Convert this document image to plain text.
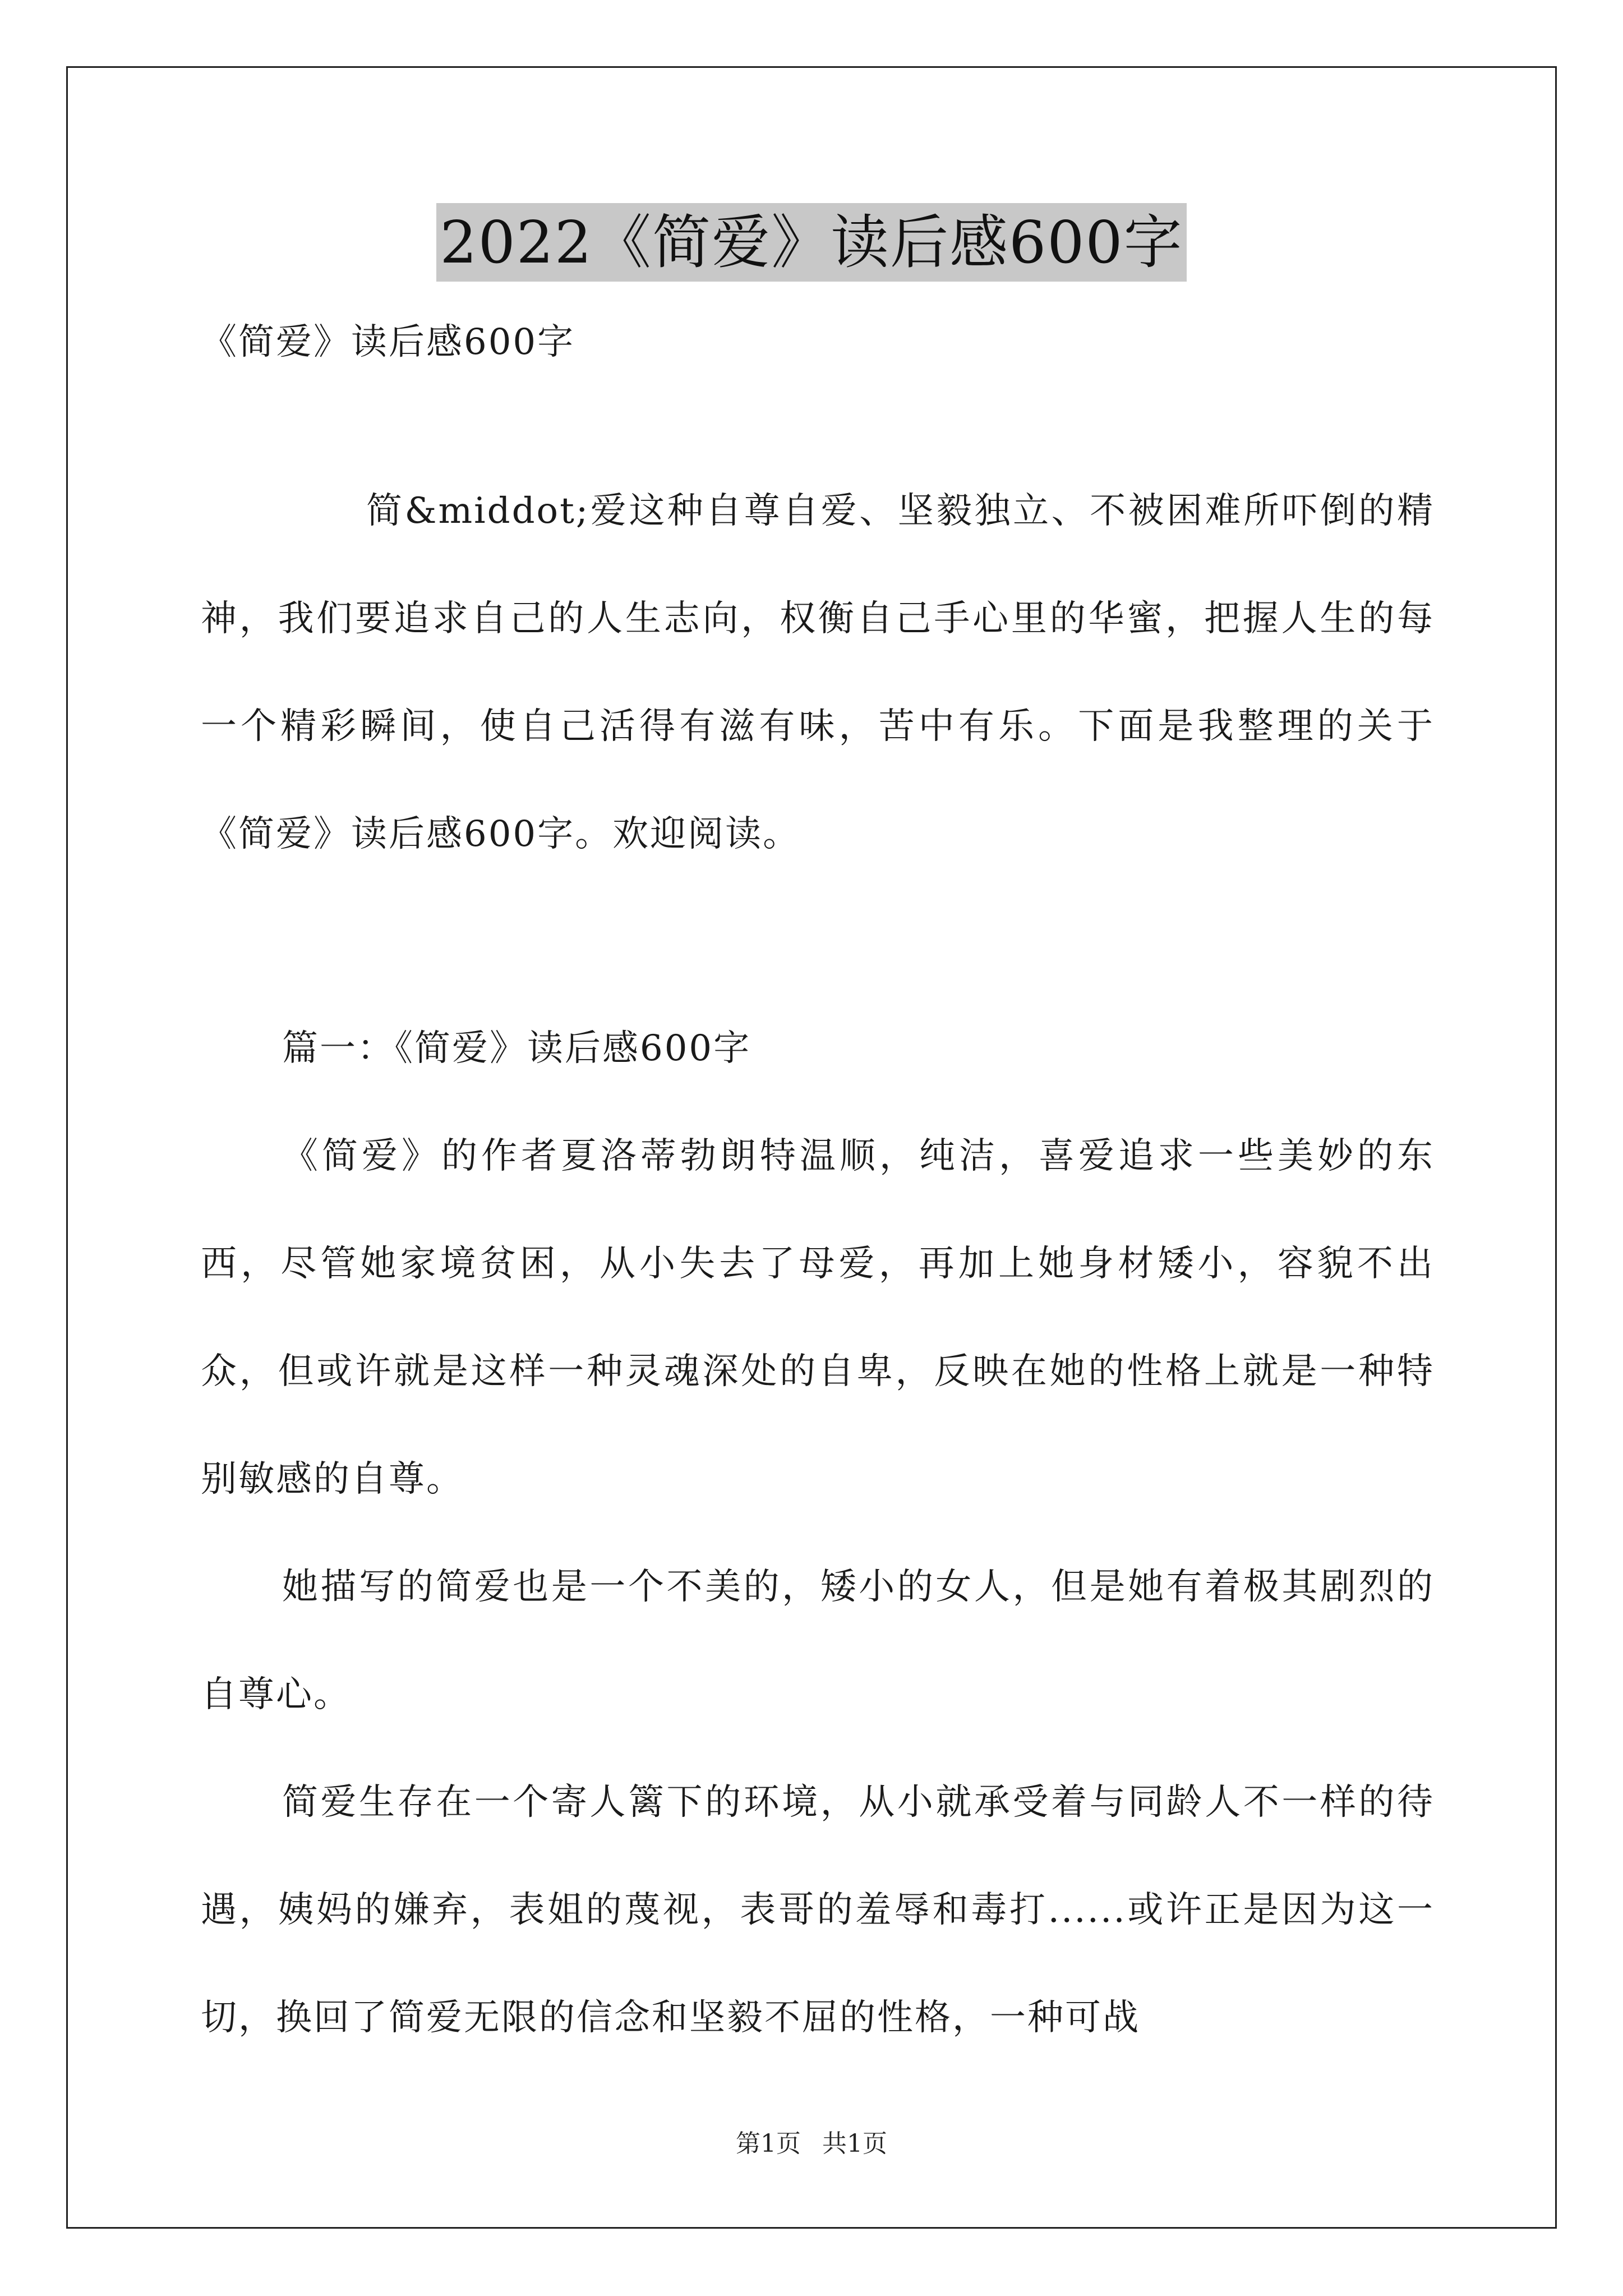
2022《简爱》读后感600字
《简爱》读后感600字

简&middot;爱这种自尊自爱、坚毅独立、不被困难所吓倒的精神，我们要追求自己的人生志向，权衡自己手心里的华蜜，把握人生的每一个精彩瞬间，使自己活得有滋有味，苦中有乐。下面是我整理的关于《简爱》读后感600字。欢迎阅读。

篇一：《简爱》读后感600字

《简爱》的作者夏洛蒂勃朗特温顺，纯洁，喜爱追求一些美妙的东西，尽管她家境贫困，从小失去了母爱，再加上她身材矮小，容貌不出众，但或许就是这样一种灵魂深处的自卑，反映在她的性格上就是一种特别敏感的自尊。

她描写的简爱也是一个不美的，矮小的女人，但是她有着极其剧烈的自尊心。

简爱生存在一个寄人篱下的环境，从小就承受着与同龄人不一样的待遇，姨妈的嫌弃，表姐的蔑视，表哥的羞辱和毒打......或许正是因为这一切，换回了简爱无限的信念和坚毅不屈的性格，一种可战

第1页 共1页
